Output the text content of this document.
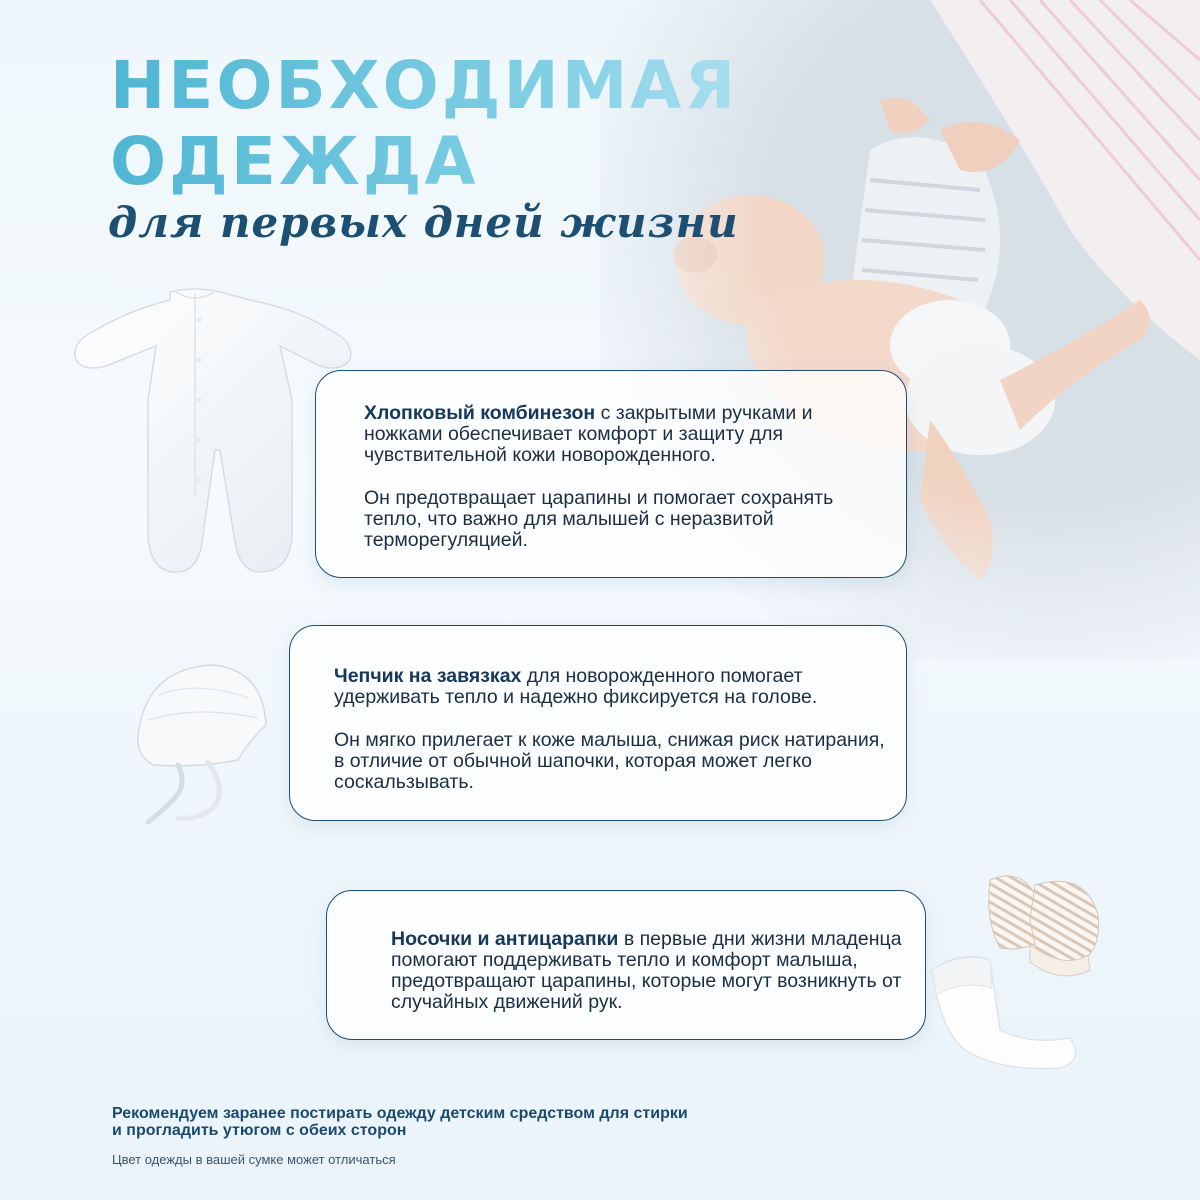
НЕОБХОДИМАЯ
ОДЕЖДА
для первых дней жизни

Хлопковый комбинезон с закрытыми ручками и ножками обеспечивает комфорт и защиту для чувствительной кожи новорожденного.

Он предотвращает царапины и помогает сохранять тепло, что важно для малышей с неразвитой терморегуляцией.

Чепчик на завязках для новорожденного помогает удерживать тепло и надежно фиксируется на голове.

Он мягко прилегает к коже малыша, снижая риск натирания, в отличие от обычной шапочки, которая может легко соскальзывать.

Носочки и антицарапки в первые дни жизни младенца помогают поддерживать тепло и комфорт малыша, предотвращают царапины, которые могут возникнуть от случайных движений рук.

Рекомендуем заранее постирать одежду детским средством для стирки
и прогладить утюгом с обеих сторон
Цвет одежды в вашей сумке может отличаться
